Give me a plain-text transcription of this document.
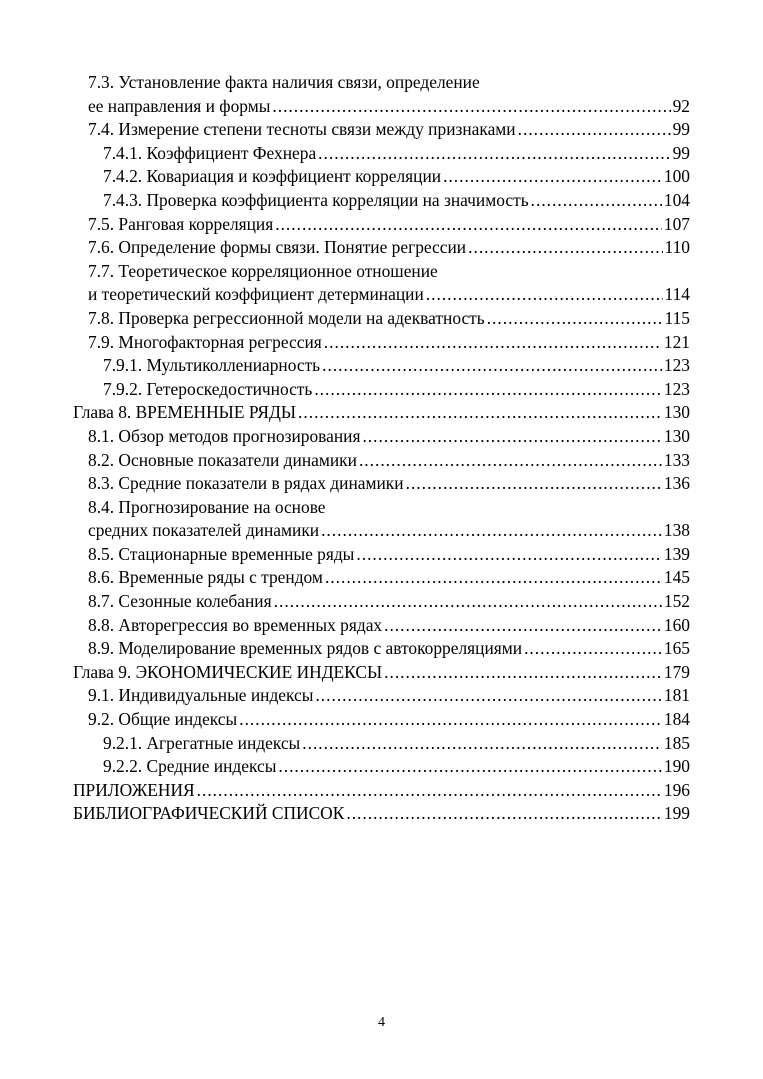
7.3. Установление факта наличия связи, определение
ее направления и формы .....	92
7.4. Измерение степени тесноты связи между признаками .....	99
7.4.1. Коэффициент Фехнера .....	99
7.4.2. Ковариация и коэффициент корреляции .....	100
7.4.3. Проверка коэффициента корреляции на значимость .....	104
7.5. Ранговая корреляция .....	107
7.6. Определение формы связи. Понятие регрессии .....	110
7.7. Теоретическое корреляционное отношение
и теоретический коэффициент детерминации .....	114
7.8. Проверка регрессионной модели на адекватность .....	115
7.9. Многофакторная регрессия .....	121
7.9.1. Мультиколлениарность .....	123
7.9.2. Гетероскедостичность .....	123
Глава 8. ВРЕМЕННЫЕ РЯДЫ .....	130
8.1. Обзор методов прогнозирования .....	130
8.2. Основные показатели динамики .....	133
8.3. Средние показатели в рядах динамики .....	136
8.4. Прогнозирование на основе
средних показателей динамики .....	138
8.5. Стационарные временные ряды .....	139
8.6. Временные ряды с трендом .....	145
8.7. Сезонные колебания .....	152
8.8. Авторегрессия во временных рядах .....	160
8.9. Моделирование временных рядов с автокорреляциями .....	165
Глава 9. ЭКОНОМИЧЕСКИЕ ИНДЕКСЫ .....	179
9.1. Индивидуальные индексы .....	181
9.2. Общие индексы .....	184
9.2.1. Агрегатные индексы .....	185
9.2.2. Средние индексы .....	190
ПРИЛОЖЕНИЯ .....	196
БИБЛИОГРАФИЧЕСКИЙ СПИСОК .....	199
4
